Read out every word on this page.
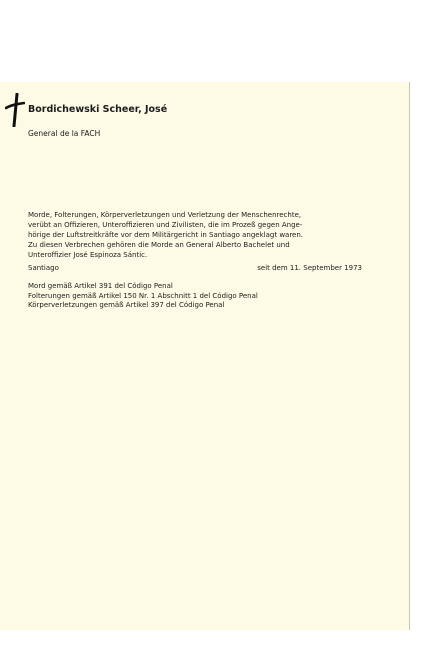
Bordichewski Scheer, José
General de la FACH
Morde, Folterungen, Körperverletzungen und Verletzung der Menschenrechte,
verübt an Offizieren, Unteroffizieren und Zivilisten, die im Prozeß gegen Ange-
hörige der Luftstreitkräfte vor dem Militärgericht in Santiago angeklagt waren.
Zu diesen Verbrechen gehören die Morde an General Alberto Bachelet und
Unteroffizier José Espinoza Sántic.
Santiago	seit dem 11. September 1973
Mord gemäß Artikel 391 del Código Penal
Folterungen gemäß Artikel 150 Nr. 1 Abschnitt 1 del Código Penal
Körperverletzungen gemäß Artikel 397 del Código Penal
